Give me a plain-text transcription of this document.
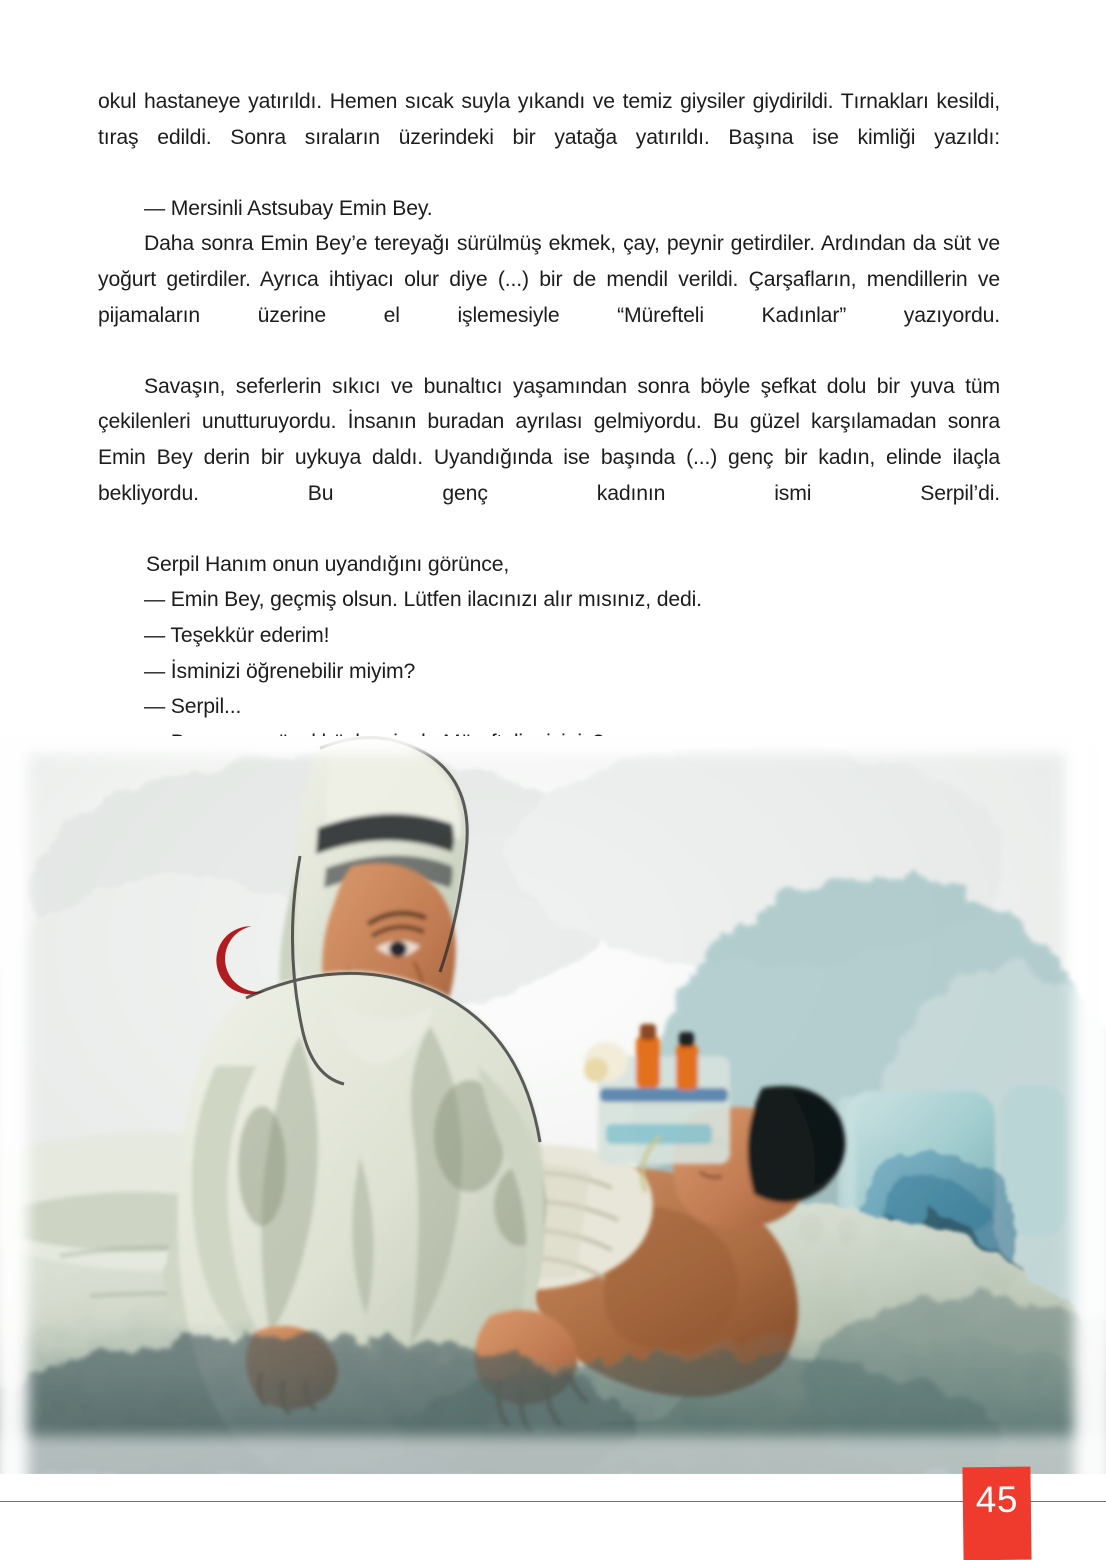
okul hastaneye yatırıldı. Hemen sıcak suyla yıkandı ve temiz giysiler giydirildi. Tırnakları kesildi, tıraş edildi. Sonra sıraların üzerindeki bir yatağa yatırıldı. Başına ise kimliği yazıldı:

— Mersinli Astsubay Emin Bey.

Daha sonra Emin Bey’e tereyağı sürülmüş ekmek, çay, peynir getirdiler. Ardından da süt ve yoğurt getirdiler. Ayrıca ihtiyacı olur diye (...) bir de mendil verildi. Çarşafların, mendillerin ve pijamaların üzerine el işlemesiyle “Mürefteli Kadınlar” yazıyordu.

Savaşın, seferlerin sıkıcı ve bunaltıcı yaşamından sonra böyle şefkat dolu bir yuva tüm çekilenleri unutturuyordu. İnsanın buradan ayrılası gelmiyordu. Bu güzel karşılamadan sonra Emin Bey derin bir uykuya daldı. Uyandığında ise başında (...) genç bir kadın, elinde ilaçla bekliyordu. Bu genç kadının ismi Serpil’di.

Serpil Hanım onun uyandığını görünce,

— Emin Bey, geçmiş olsun. Lütfen ilacınızı alır mısınız, dedi.

— Teşekkür ederim!

— İsminizi öğrenebilir miyim?

— Serpil...

45
